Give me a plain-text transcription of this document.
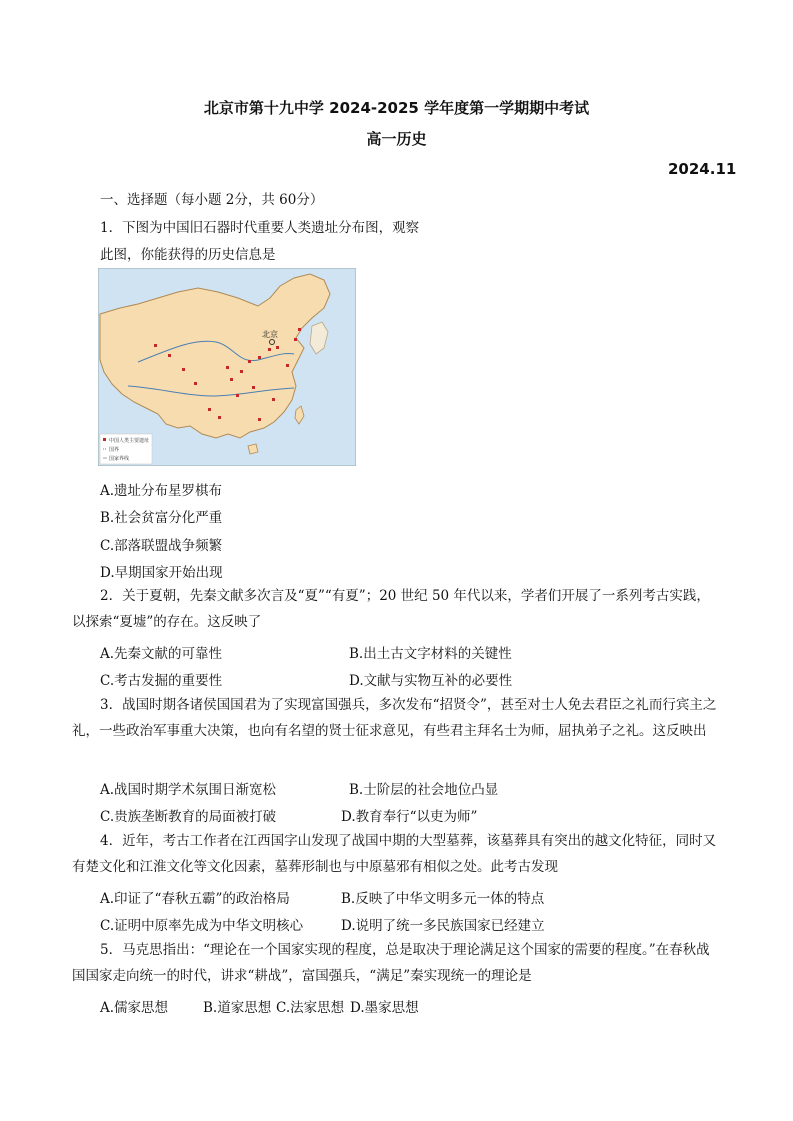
北京市第十九中学 2024-2025 学年度第一学期期中考试
高一历史
2024.11
一、选择题（每小题 2分，共 60分）
1．下图为中国旧石器时代重要人类遗址分布图，观察
此图，你能获得的历史信息是
北京
中国人类主要遗址
国界
国家界线
A.遗址分布星罗棋布
B.社会贫富分化严重
C.部落联盟战争频繁
D.早期国家开始出现
2．关于夏朝，先秦文献多次言及“夏”“有夏”；20 世纪 50 年代以来，学者们开展了一系列考古实践，以探索“夏墟”的存在。这反映了
A.先秦文献的可靠性	B.出土古文字材料的关键性
C.考古发掘的重要性	D.文献与实物互补的必要性
3．战国时期各诸侯国国君为了实现富国强兵，多次发布“招贤令”，甚至对士人免去君臣之礼而行宾主之礼，一些政治军事重大决策，也向有名望的贤士征求意见，有些君主拜名士为师，屈执弟子之礼。这反映出
A.战国时期学术氛围日渐宽松	B.士阶层的社会地位凸显
C.贵族垄断教育的局面被打破	D.教育奉行“以吏为师”
4．近年，考古工作者在江西国字山发现了战国中期的大型墓葬，该墓葬具有突出的越文化特征，同时又有楚文化和江淮文化等文化因素，墓葬形制也与中原墓邪有相似之处。此考古发现
A.印证了“春秋五霸”的政治格局	B.反映了中华文明多元一体的特点
C.证明中原率先成为中华文明核心	D.说明了统一多民族国家已经建立
5．马克思指出：“理论在一个国家实现的程度，总是取决于理论满足这个国家的需要的程度。”在春秋战国国家走向统一的时代，讲求“耕战”，富国强兵，“满足”秦实现统一的理论是
A.儒家思想	B.道家思想 C.法家思想 D.墨家思想
